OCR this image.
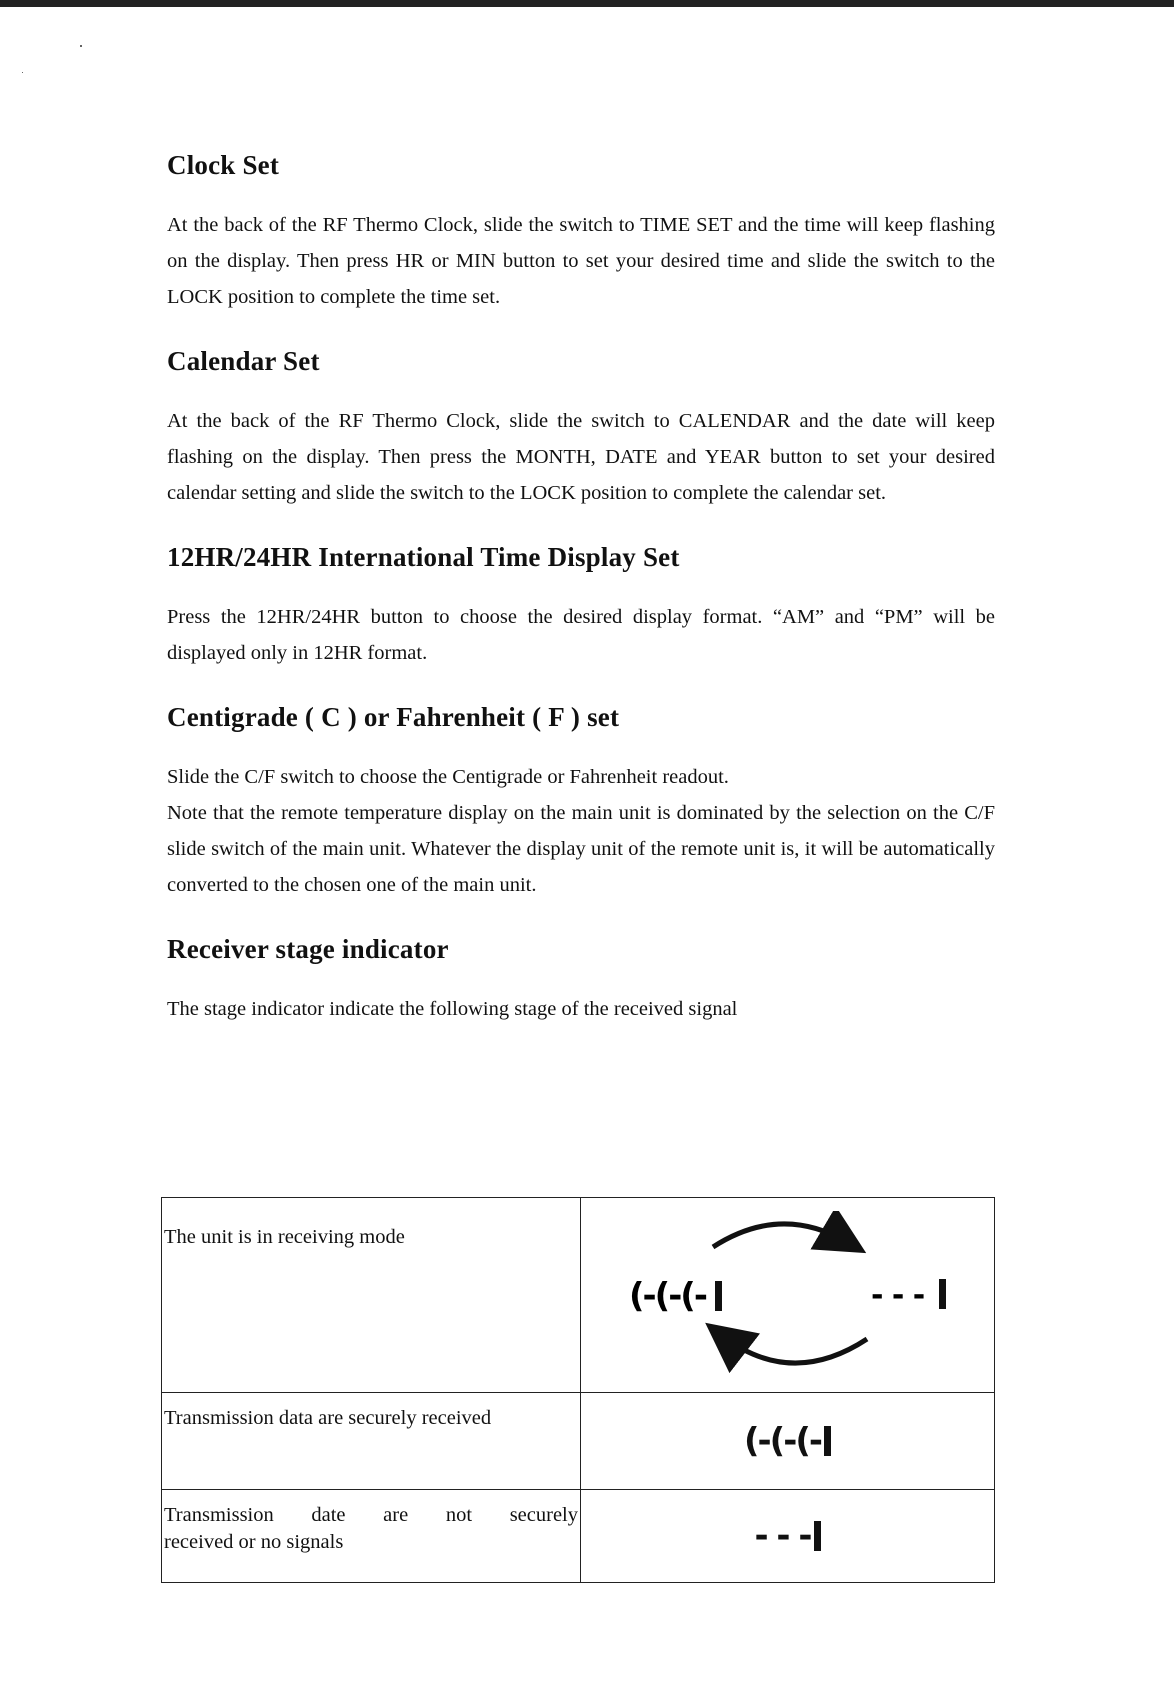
Clock Set

At the back of the RF Thermo Clock, slide the switch to TIME SET and the time will keep flashing on the display. Then press HR or MIN button to set your desired time and slide the switch to the LOCK position to complete the time set.

Calendar Set

At the back of the RF Thermo Clock, slide the switch to CALENDAR and the date will keep flashing on the display. Then press the MONTH, DATE and YEAR button to set your desired calendar setting and slide the switch to the LOCK position to complete the calendar set.

12HR/24HR International Time Display Set

Press the 12HR/24HR button to choose the desired display format. “AM” and “PM” will be displayed only in 12HR format.

Centigrade ( C ) or Fahrenheit ( F ) set

Slide the C/F switch to choose the Centigrade or Fahrenheit readout.

Note that the remote temperature display on the main unit is dominated by the selection on the C/F slide switch of the main unit. Whatever the display unit of the remote unit is, it will be automatically converted to the chosen one of the main unit.

Receiver stage indicator

The stage indicator indicate the following stage of the received signal

The unit is in receiving mode	(-(-(- - - -

Transmission data are securely received	(-(-(-

Transmission date are not securely
received or no signals	- - -
